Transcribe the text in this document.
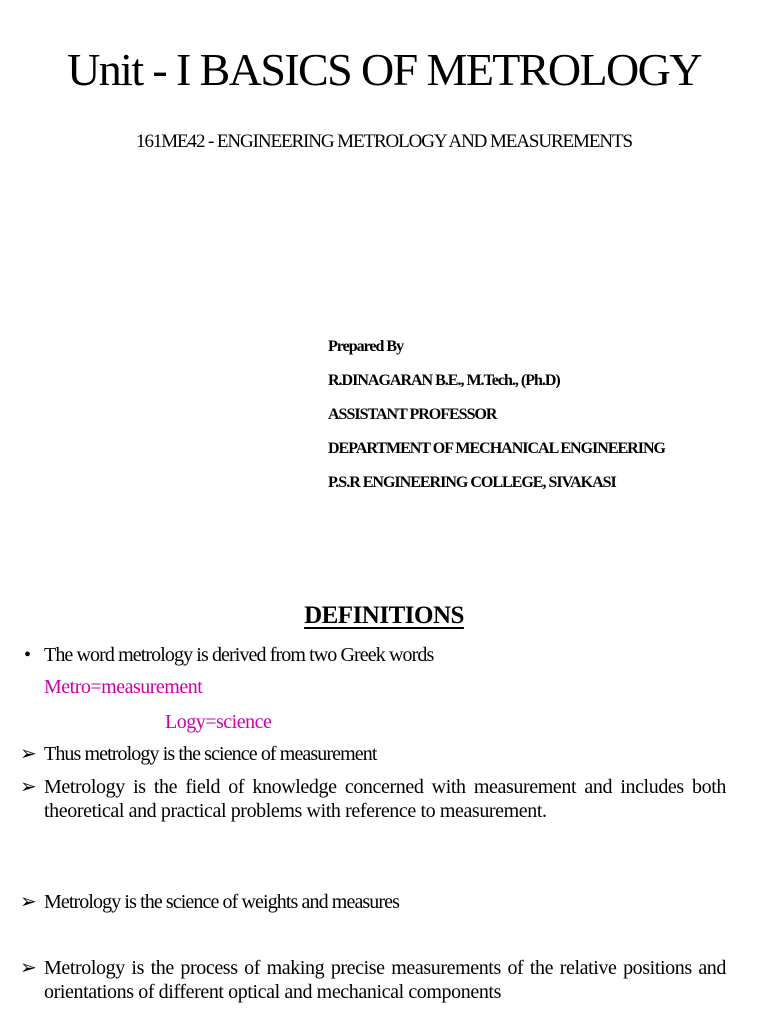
Unit - I BASICS OF METROLOGY
161ME42 - ENGINEERING METROLOGY AND MEASUREMENTS
Prepared By
R.DINAGARAN B.E., M.Tech., (Ph.D)
ASSISTANT PROFESSOR
DEPARTMENT OF MECHANICAL ENGINEERING
P.S.R ENGINEERING COLLEGE, SIVAKASI
DEFINITIONS
• The word metrology is derived from two Greek words
Metro=measurement
Logy=science
➢ Thus metrology is the science of measurement
➢ Metrology is the field of knowledge concerned with measurement and includes both theoretical and practical problems with reference to measurement.
➢ Metrology is the science of weights and measures
➢ Metrology is the process of making precise measurements of the relative positions and orientations of different optical and mechanical components
